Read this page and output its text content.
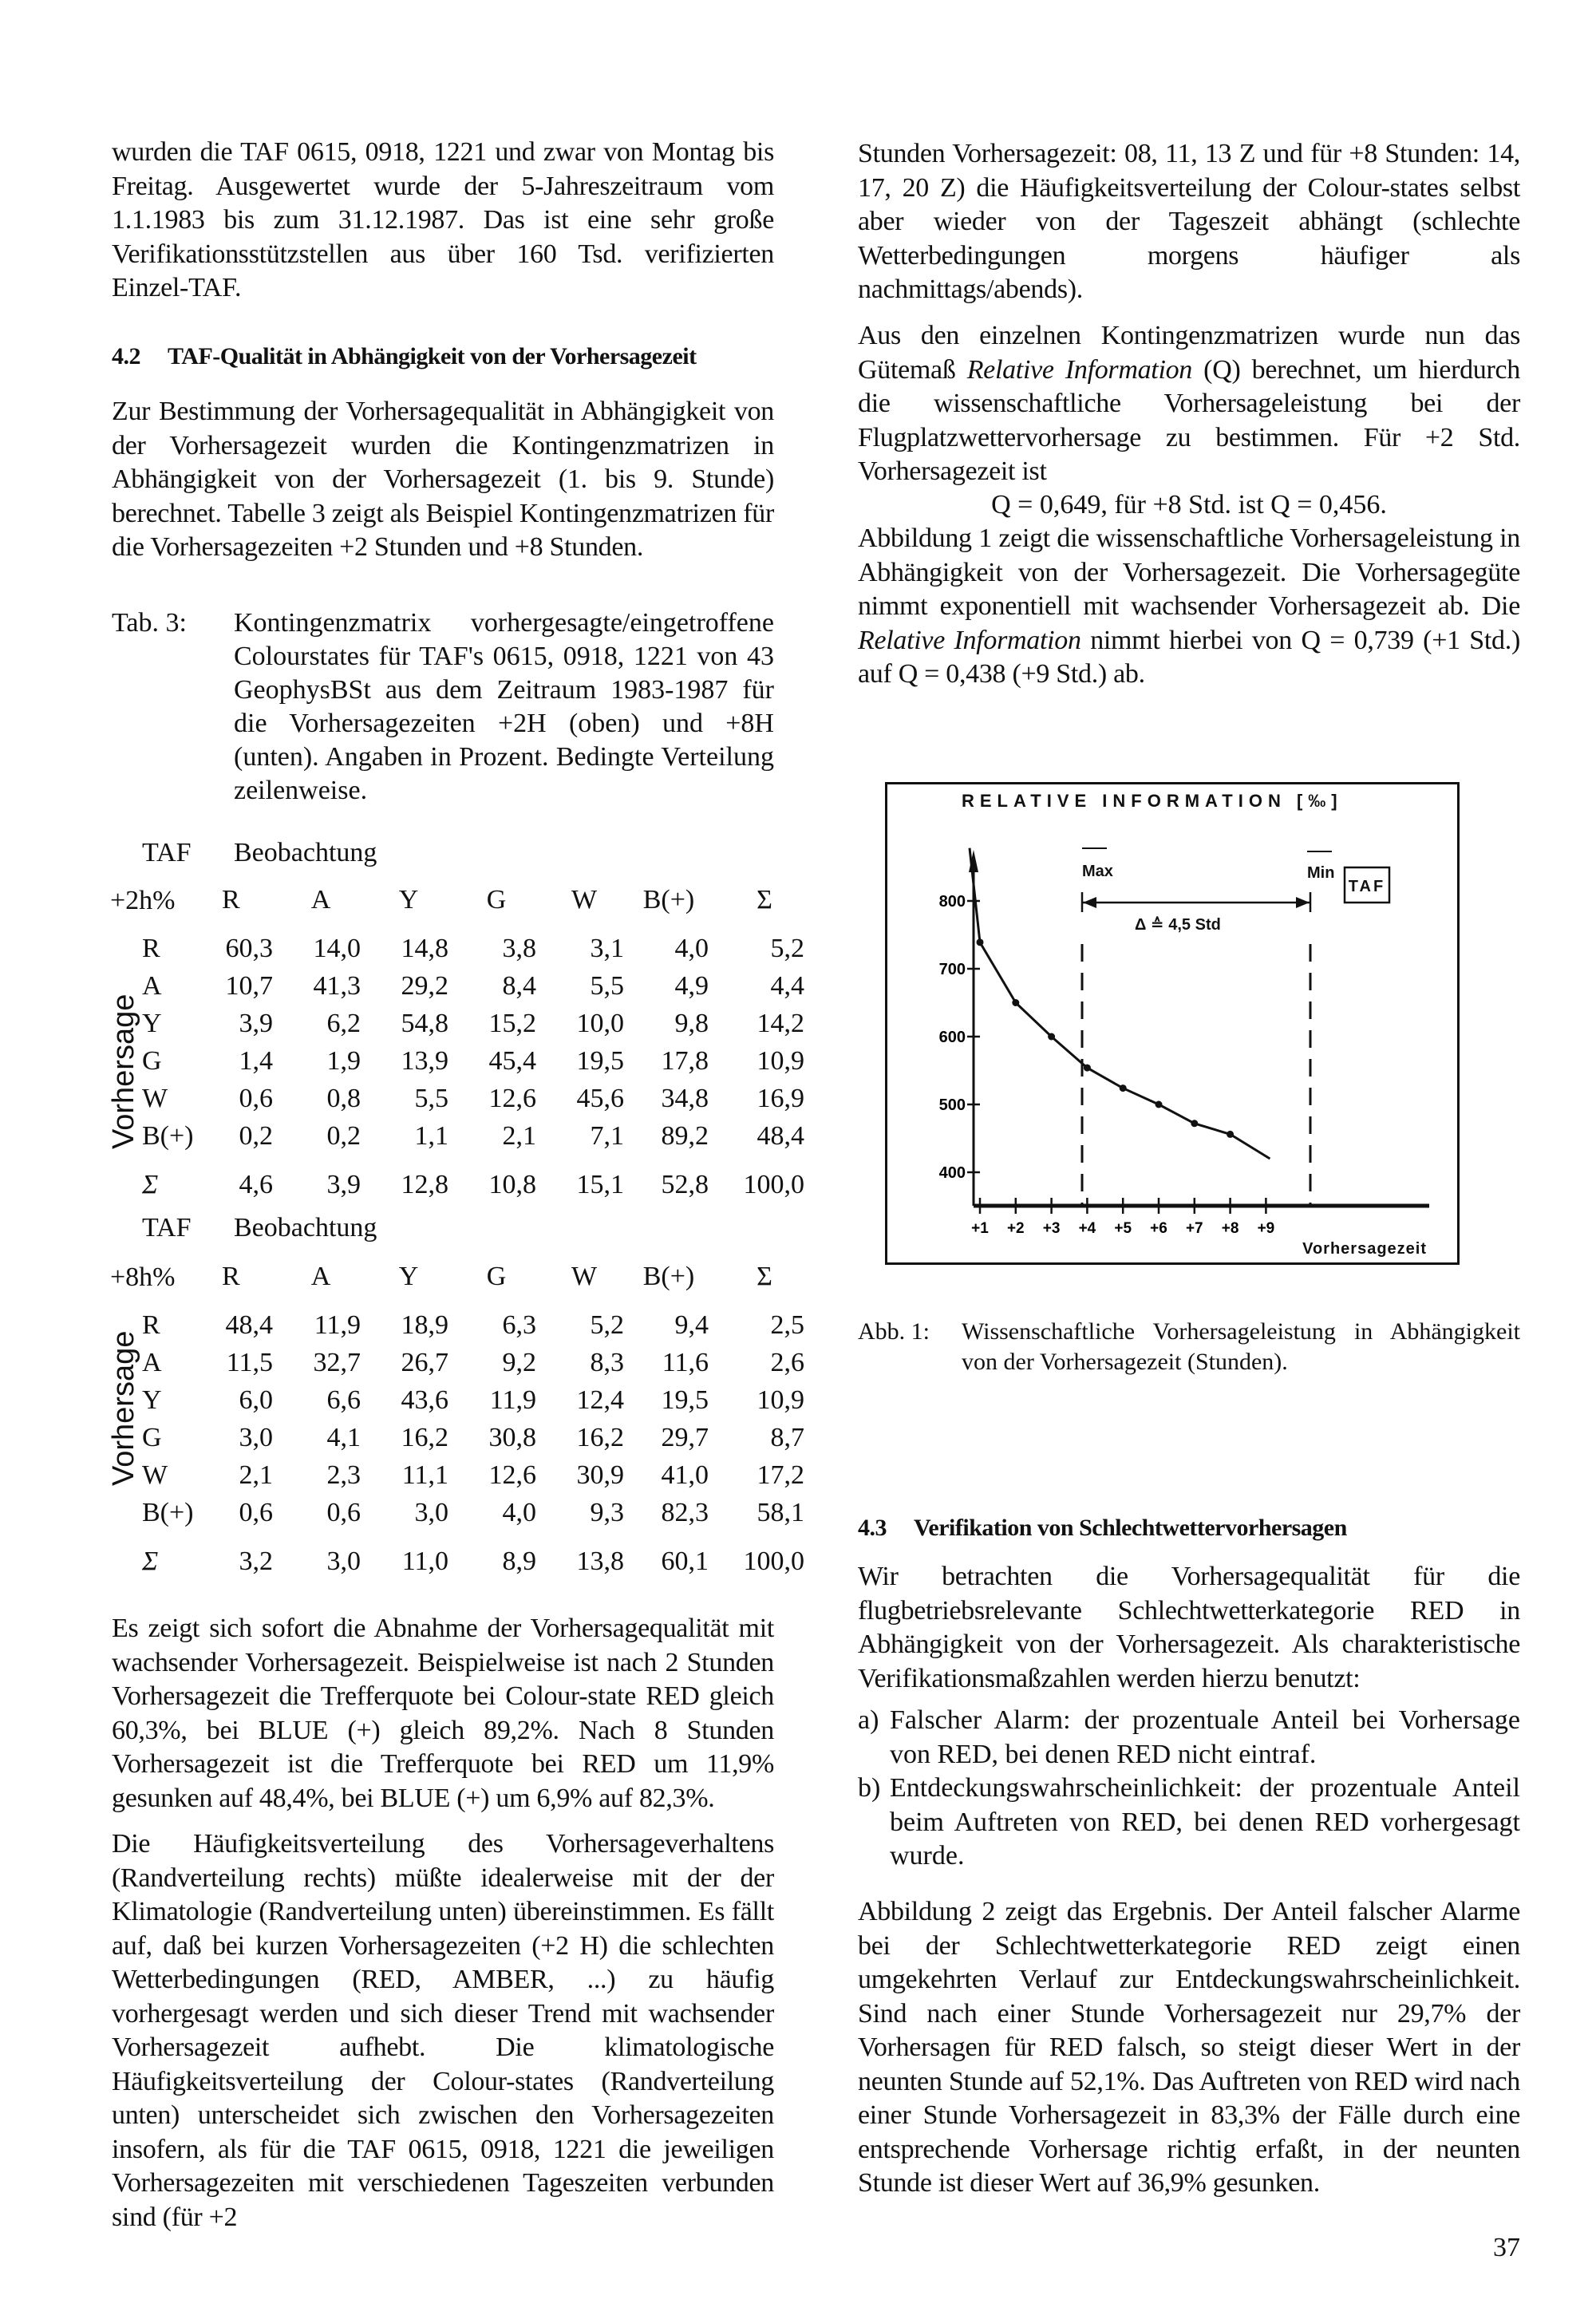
wurden die TAF 0615, 0918, 1221 und zwar von Montag bis Freitag. Ausgewertet wurde der 5-Jahreszeitraum vom 1.1.1983 bis zum 31.12.1987. Das ist eine sehr große Verifikationsstützstellen aus über 160 Tsd. verifizierten Einzel-TAF.

4.2 TAF-Qualität in Abhängigkeit von der Vorhersagezeit

Zur Bestimmung der Vorhersagequalität in Abhängigkeit von der Vorhersagezeit wurden die Kontingenzmatrizen in Abhängigkeit von der Vorhersagezeit (1. bis 9. Stunde) berechnet. Tabelle 3 zeigt als Beispiel Kontingenzmatrizen für die Vorhersagezeiten +2 Stunden und +8 Stunden.

Tab. 3:	Kontingenzmatrix vorhergesagte/eingetroffene Colourstates für TAF's 0615, 0918, 1221 von 43 GeophysBSt aus dem Zeitraum 1983-1987 für die Vorhersagezeiten +2H (oben) und +8H (unten). Angaben in Prozent. Bedingte Verteilung zeilenweise.
TAF Beobachtung
+2h%
Vorhersage
	R	A	Y	G	W	B(+)	Σ

R	60,3	14,0	14,8	3,8	3,1	4,0	5,2
A	10,7	41,3	29,2	8,4	5,5	4,9	4,4
Y	3,9	6,2	54,8	15,2	10,0	9,8	14,2
G	1,4	1,9	13,9	45,4	19,5	17,8	10,9
W	0,6	0,8	5,5	12,6	45,6	34,8	16,9
B(+)	0,2	0,2	1,1	2,1	7,1	89,2	48,4

Σ	4,6	3,9	12,8	10,8	15,1	52,8	100,0
TAF Beobachtung
+8h%
Vorhersage
	R	A	Y	G	W	B(+)	Σ

R	48,4	11,9	18,9	6,3	5,2	9,4	2,5
A	11,5	32,7	26,7	9,2	8,3	11,6	2,6
Y	6,0	6,6	43,6	11,9	12,4	19,5	10,9
G	3,0	4,1	16,2	30,8	16,2	29,7	8,7
W	2,1	2,3	11,1	12,6	30,9	41,0	17,2
B(+)	0,6	0,6	3,0	4,0	9,3	82,3	58,1

Σ	3,2	3,0	11,0	8,9	13,8	60,1	100,0

Es zeigt sich sofort die Abnahme der Vorhersagequalität mit wachsender Vorhersagezeit. Beispielweise ist nach 2 Stunden Vorhersagezeit die Trefferquote bei Colour-state RED gleich 60,3%, bei BLUE (+) gleich 89,2%. Nach 8 Stunden Vorhersagezeit ist die Trefferquote bei RED um 11,9% gesunken auf 48,4%, bei BLUE (+) um 6,9% auf 82,3%.

Die Häufigkeitsverteilung des Vorhersageverhaltens (Randverteilung rechts) müßte idealerweise mit der der Klimatologie (Randverteilung unten) übereinstimmen. Es fällt auf, daß bei kurzen Vorhersagezeiten (+2 H) die schlechten Wetterbedingungen (RED, AMBER, ...) zu häufig vorhergesagt werden und sich dieser Trend mit wachsender Vorhersagezeit aufhebt. Die klimatologische Häufigkeitsverteilung der Colour-states (Randverteilung unten) unterscheidet sich zwischen den Vorhersagezeiten insofern, als für die TAF 0615, 0918, 1221 die jeweiligen Vorhersagezeiten mit verschiedenen Tageszeiten verbunden sind (für +2

Stunden Vorhersagezeit: 08, 11, 13 Z und für +8 Stunden: 14, 17, 20 Z) die Häufigkeitsverteilung der Colour-states selbst aber wieder von der Tageszeit abhängt (schlechte Wetterbedingungen morgens häufiger als nachmittags/abends).

Aus den einzelnen Kontingenzmatrizen wurde nun das Gütemaß Relative Information (Q) berechnet, um hierdurch die wissenschaftliche Vorhersageleistung bei der Flugplatzwettervorhersage zu bestimmen. Für +2 Std. Vorhersagezeit ist

Q = 0,649, für +8 Std. ist Q = 0,456.

Abbildung 1 zeigt die wissenschaftliche Vorhersageleistung in Abhängigkeit von der Vorhersagezeit. Die Vorhersagegüte nimmt exponentiell mit wachsender Vorhersagezeit ab. Die Relative Information nimmt hierbei von Q = 0,739 (+1 Std.) auf Q = 0,438 (+9 Std.) ab.

RELATIVE INFORMATION [‰]
800
700
600
500
400
+1 +2 +3 +4 +5 +6 +7 +8 +9
Max	Min
Δ ≙ 4,5 Std
TAF
Vorhersagezeit
Abb. 1:	Wissenschaftliche Vorhersageleistung in Abhängigkeit von der Vorhersagezeit (Stunden).
4.3 Verifikation von Schlechtwettervorhersagen

Wir betrachten die Vorhersagequalität für die flugbetriebsrelevante Schlechtwetterkategorie RED in Abhängigkeit von der Vorhersagezeit. Als charakteristische Verifikationsmaßzahlen werden hierzu benutzt:

a) Falscher Alarm: der prozentuale Anteil bei Vorhersage von RED, bei denen RED nicht eintraf.
b) Entdeckungswahrscheinlichkeit: der prozentuale Anteil beim Auftreten von RED, bei denen RED vorhergesagt wurde.

Abbildung 2 zeigt das Ergebnis. Der Anteil falscher Alarme bei der Schlechtwetterkategorie RED zeigt einen umgekehrten Verlauf zur Entdeckungswahrscheinlichkeit. Sind nach einer Stunde Vorhersagezeit nur 29,7% der Vorhersagen für RED falsch, so steigt dieser Wert in der neunten Stunde auf 52,1%. Das Auftreten von RED wird nach einer Stunde Vorhersagezeit in 83,3% der Fälle durch eine entsprechende Vorhersage richtig erfaßt, in der neunten Stunde ist dieser Wert auf 36,9% gesunken.

37
